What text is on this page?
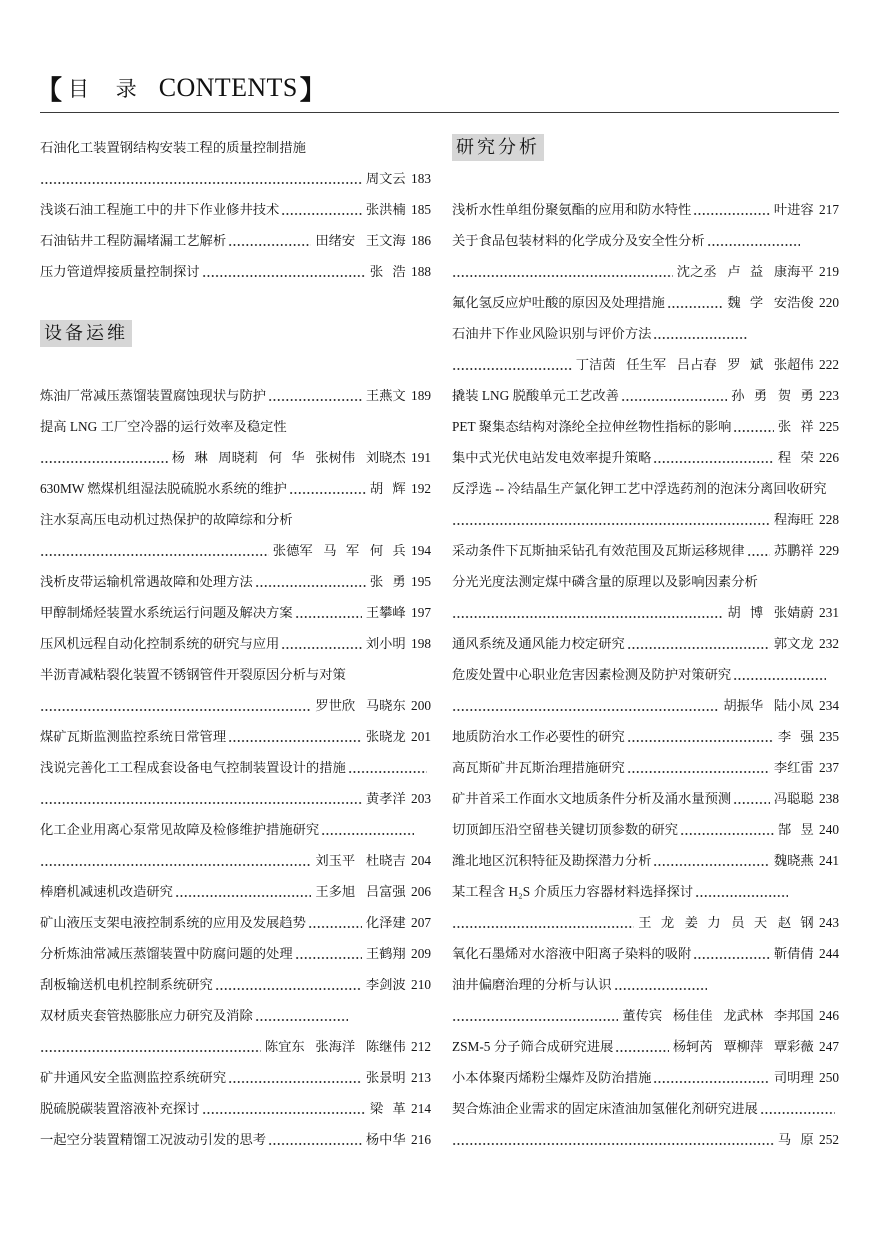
【 目 录 CONTENTS 】
石油化工装置钢结构安装工程的质量控制措施
周文云 183
浅谈石油工程施工中的井下作业修井技术	张洪楠 185
石油钻井工程防漏堵漏工艺解析	田绪安 王文海 186
压力管道焊接质量控制探讨	张 浩 188
设备运维
炼油厂常减压蒸馏装置腐蚀现状与防护	王燕文 189
提高 LNG 工厂空冷器的运行效率及稳定性
杨 琳 周晓莉 何 华 张树伟 刘晓杰 191
630MW 燃煤机组湿法脱硫脱水系统的维护	胡 辉 192
注水泵高压电动机过热保护的故障综和分析
张德军 马 军 何 兵 194
浅析皮带运输机常遇故障和处理方法	张 勇 195
甲醇制烯烃装置水系统运行问题及解决方案	王攀峰 197
压风机远程自动化控制系统的研究与应用	刘小明 198
半沥青减粘裂化装置不锈钢管件开裂原因分析与对策
罗世欣 马晓东 200
煤矿瓦斯监测监控系统日常管理	张晓龙 201
浅说完善化工工程成套设备电气控制装置设计的措施
黄孝洋 203
化工企业用离心泵常见故障及检修维护措施研究
刘玉平 杜晓吉 204
棒磨机减速机改造研究	王多旭 吕富强 206
矿山液压支架电液控制系统的应用及发展趋势	化泽建 207
分析炼油常减压蒸馏装置中防腐问题的处理	王鹤翔 209
刮板输送机电机控制系统研究	李剑波 210
双材质夹套管热膨胀应力研究及消除
陈宜东 张海洋 陈继伟 212
矿井通风安全监测监控系统研究	张景明 213
脱硫脱碳装置溶液补充探讨	梁 革 214
一起空分装置精馏工况波动引发的思考	杨中华 216
研究分析
浅析水性单组份聚氨酯的应用和防水特性	叶进容 217
关于食品包装材料的化学成分及安全性分析
沈之丞 卢 益 康海平 219
氟化氢反应炉吐酸的原因及处理措施	魏 学 安浩俊 220
石油井下作业风险识别与评价方法
丁洁茵 任生军 吕占春 罗 斌 张超伟 222
撬装 LNG 脱酸单元工艺改善	孙 勇 贺 勇 223
PET 聚集态结构对涤纶全拉伸丝物性指标的影响	张 祥 225
集中式光伏电站发电效率提升策略	程 荣 226
反浮选 -- 冷结晶生产氯化钾工艺中浮选药剂的泡沫分离回收研究
程海旺 228
采动条件下瓦斯抽采钻孔有效范围及瓦斯运移规律 苏鹏祥 229
分光光度法测定煤中磷含量的原理以及影响因素分析
胡 博 张婧蔚 231
通风系统及通风能力校定研究	郭文龙 232
危废处置中心职业危害因素检测及防护对策研究
胡振华 陆小凤 234
地质防治水工作必要性的研究	李 强 235
高瓦斯矿井瓦斯治理措施研究	李红雷 237
矿井首采工作面水文地质条件分析及涌水量预测	冯聪聪 238
切顶卸压沿空留巷关键切顶参数的研究	郜 昱 240
潍北地区沉积特征及勘探潜力分析	魏晓燕 241
某工程含 H₂S 介质压力容器材料选择探讨
王 龙 姜 力 员 天 赵 钢 243
氧化石墨烯对水溶液中阳离子染料的吸附	靳倩倩 244
油井偏磨治理的分析与认识
董传宾 杨佳佳 龙武林 李邦国 246
ZSM-5 分子筛合成研究进展	杨轲芮 覃柳萍 覃彩薇 247
小本体聚丙烯粉尘爆炸及防治措施	司明理 250
契合炼油企业需求的固定床渣油加氢催化剂研究进展
马 原 252
